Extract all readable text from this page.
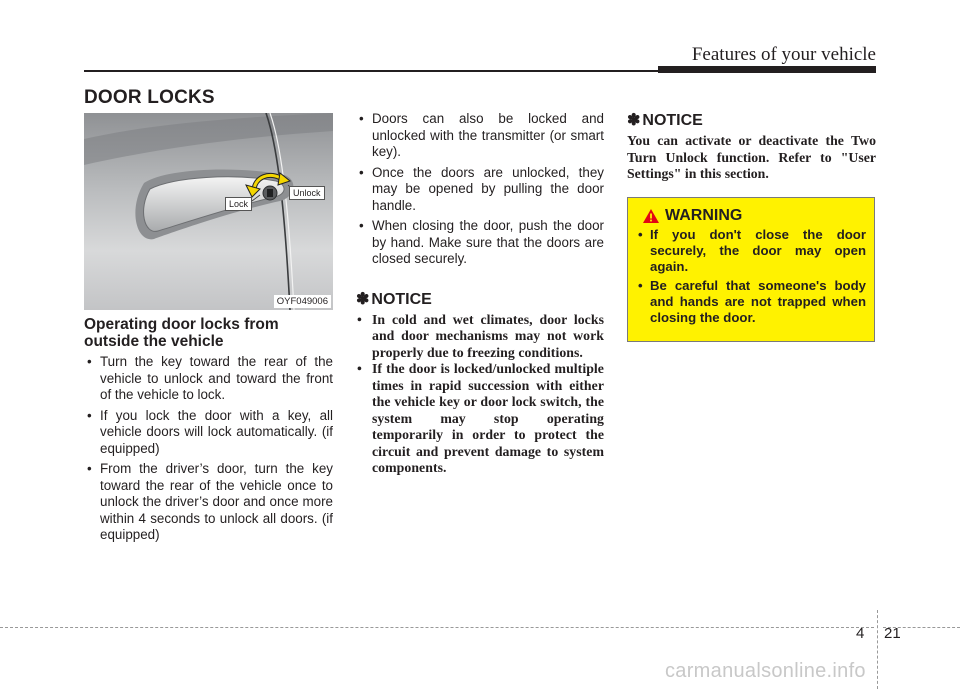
Features of your vehicle
DOOR LOCKS
Lock
Unlock
OYF049006
Operating door locks from outside the vehicle
• Turn the key toward the rear of the vehicle to unlock and toward the front of the vehicle to lock.
• If you lock the door with a key, all vehicle doors will lock automatically. (if equipped)
• From the driver’s door, turn the key toward the rear of the vehicle once to unlock the driver’s door and once more within 4 seconds to unlock all doors. (if equipped)
• Doors can also be locked and unlocked with the transmitter (or smart key).
• Once the doors are unlocked, they may be opened by pulling the door handle.
• When closing the door, push the door by hand. Make sure that the doors are closed securely.
✽ NOTICE
• In cold and wet climates, door locks and door mechanisms may not work properly due to freezing conditions.
• If the door is locked/unlocked multiple times in rapid succession with either the vehicle key or door lock switch, the system may stop operating temporarily in order to protect the circuit and prevent damage to system components.
✽ NOTICE

You can activate or deactivate the Two Turn Unlock function. Refer to "User Settings" in this section.

WARNING
• If you don't close the door securely, the door may open again.
• Be careful that someone's body and hands are not trapped when closing the door.
4 21
carmanualsonline.info
